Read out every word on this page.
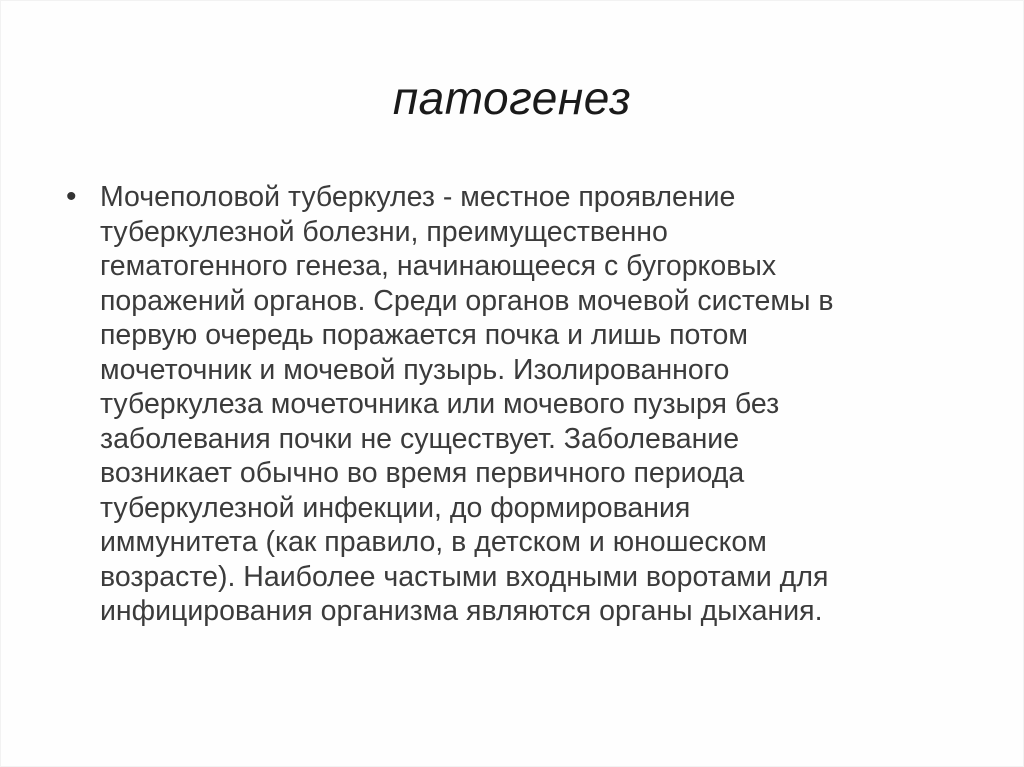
патогенез
• Мочеполовой туберкулез - местное проявление
туберкулезной болезни, преимущественно
гематогенного генеза, начинающееся с бугорковых
поражений органов. Среди органов мочевой системы в
первую очередь поражается почка и лишь потом
мочеточник и мочевой пузырь. Изолированного
туберкулеза мочеточника или мочевого пузыря без
заболевания почки не существует. Заболевание
возникает обычно во время первичного периода
туберкулезной инфекции, до формирования
иммунитета (как правило, в детском и юношеском
возрасте). Наиболее частыми входными воротами для
инфицирования организма являются органы дыхания.
